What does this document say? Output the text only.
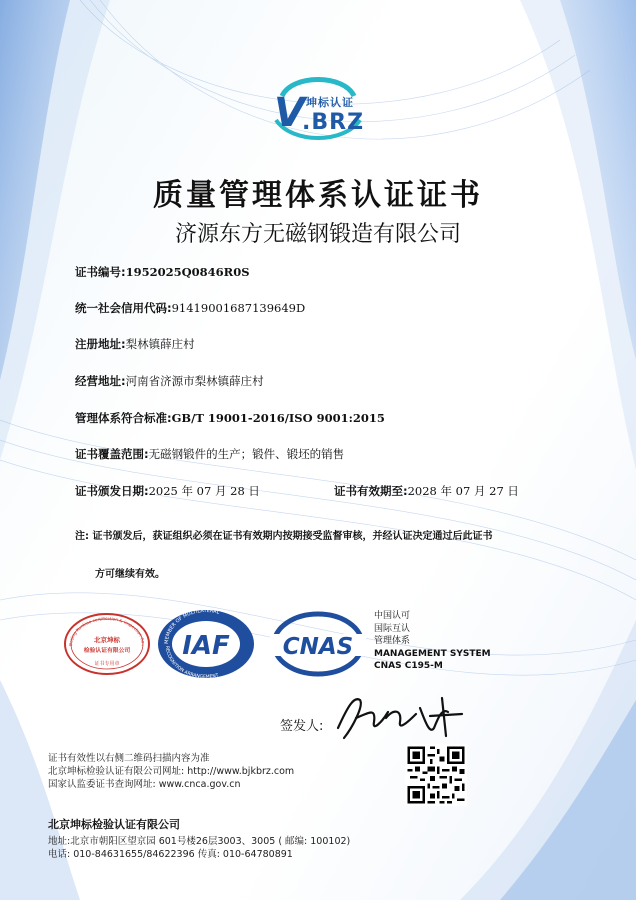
V 坤标认证
.BRZ
质量管理体系认证证书
济源东方无磁钢锻造有限公司
证书编号:1952025Q0846R0S
统一社会信用代码:91419001687139649D
注册地址:梨林镇薛庄村
经营地址:河南省济源市梨林镇薛庄村
管理体系符合标准:GB/T 19001-2016/ISO 9001:2015
证书覆盖范围:无磁钢锻件的生产；锻件、锻坯的销售
证书颁发日期:2025 年 07 月 28 日	证书有效期至:2028 年 07 月 27 日
注: 证书颁发后，获证组织必须在证书有效期内按期接受监督审核，并经认证决定通过后此证书
方可继续有效。
Beijing Kunbiao certification & Inspection Co.,
北京坤标
检验认证有限公司
证书专用章
MEMBER OF MULTILATERAL
RECOGNITION ARRANGEMENT
IAF CNAS
中国认可
国际互认
管理体系
MANAGEMENT SYSTEM
CNAS C195-M
签发人:
证书有效性以右侧二维码扫描内容为准
北京坤标检验认证有限公司网址: http://www.bjkbrz.com
国家认监委证书查询网址: www.cnca.gov.cn
北京坤标检验认证有限公司
地址:北京市朝阳区望京园 601号楼26层3003、3005 ( 邮编: 100102)
电话: 010-84631655/84622396 传真: 010-64780891
